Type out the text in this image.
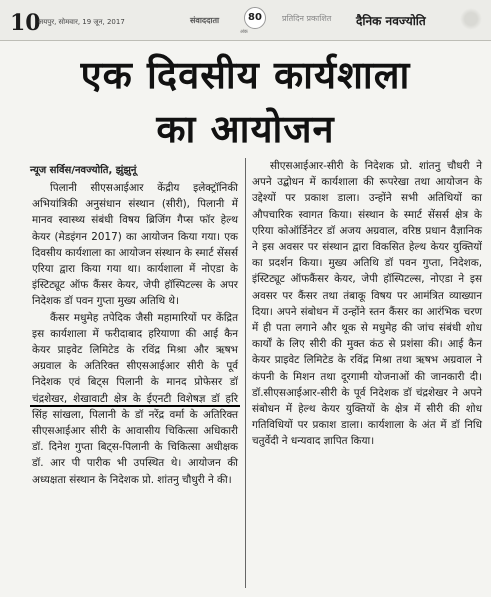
10
जयपुर, सोमवार, 19 जून, 2017	संवाददाता	80
अंक
प्रतिदिन प्रकाशित दैनिक नवज्योति
एक दिवसीय कार्यशाला
का आयोजन
न्यूज सर्विस/नवज्योति, झुंझुनूं

पिलानी सीएसआईआर केंद्रीय इलेक्ट्रॉनिकी अभियांत्रिकी अनुसंधान संस्थान (सीरी), पिलानी में मानव स्वास्थ्य संबंधी विषय ब्रिजिंग गैप्स फॉर हेल्थ केयर (मेडइंगन 2017) का आयोजन किया गया। एक दिवसीय कार्यशाला का आयोजन संस्थान के स्मार्ट सेंसर्स एरिया द्वारा किया गया था। कार्यशाला में नोएडा के इंस्टिट्यूट ऑफ कैंसर केयर, जेपी हॉस्पिटल्स के अपर निदेशक डॉ पवन गुप्ता मुख्य अतिथि थे।

कैंसर मधुमेह तपेदिक जैसी महामारियों पर केंद्रित इस कार्यशाला में फरीदाबाद हरियाणा की आई कैन केयर प्राइवेट लिमिटेड के रविंद्र मिश्रा और ऋषभ अग्रवाल के अतिरिक्त सीएसआईआर सीरी के पूर्व निदेशक एवं बिट्स पिलानी के मानद प्रोफेसर डॉ चंद्रशेखर, शेखावाटी क्षेत्र के ईएनटी विशेषज्ञ डॉ हरि सिंह सांखला, पिलानी के डॉ नरेंद्र वर्मा के अतिरिक्त सीएसआईआर सीरी के आवासीय चिकित्सा अधिकारी डॉ. दिनेश गुप्ता बिट्स-पिलानी के चिकित्सा अधीक्षक डॉ. आर पी पारीक भी उपस्थित थे। आयोजन की अध्यक्षता संस्थान के निदेशक प्रो. शांतनु चौधुरी ने की।

सीएसआईआर-सीरी के निदेशक प्रो. शांतनु चौधरी ने अपने उद्बोधन में कार्यशाला की रूपरेखा तथा आयोजन के उद्देश्यों पर प्रकाश डाला। उन्होंने सभी अतिथियों का औपचारिक स्वागत किया। संस्थान के स्मार्ट सेंसर्स क्षेत्र के एरिया कोऑर्डिनेटर डॉ अजय अग्रवाल, वरिष्ठ प्रधान वैज्ञानिक ने इस अवसर पर संस्थान द्वारा विकसित हेल्थ केयर युक्तियों का प्रदर्शन किया। मुख्य अतिथि डॉ पवन गुप्ता, निदेशक, इंस्टिट्यूट ऑफकैंसर केयर, जेपी हॉस्पिटल्स, नोएडा ने इस अवसर पर कैंसर तथा तंबाकू विषय पर आमंत्रित व्याख्यान दिया। अपने संबोधन में उन्होंने स्तन कैंसर का आरंभिक चरण में ही पता लगाने और थूक से मधुमेह की जांच संबंधी शोध कार्यों के लिए सीरी की मुक्त कंठ से प्रशंसा की। आई कैन केयर प्राइवेट लिमिटेड के रविंद्र मिश्रा तथा ऋषभ अग्रवाल ने कंपनी के मिशन तथा दूरगामी योजनाओं की जानकारी दी। डॉ.सीएसआईआर-सीरी के पूर्व निदेशक डॉ चंद्रशेखर ने अपने संबोधन में हेल्थ केयर युक्तियों के क्षेत्र में सीरी की शोध गतिविधियों पर प्रकाश डाला। कार्यशाला के अंत में डॉ निधि चतुर्वेदी ने धन्यवाद ज्ञापित किया।
